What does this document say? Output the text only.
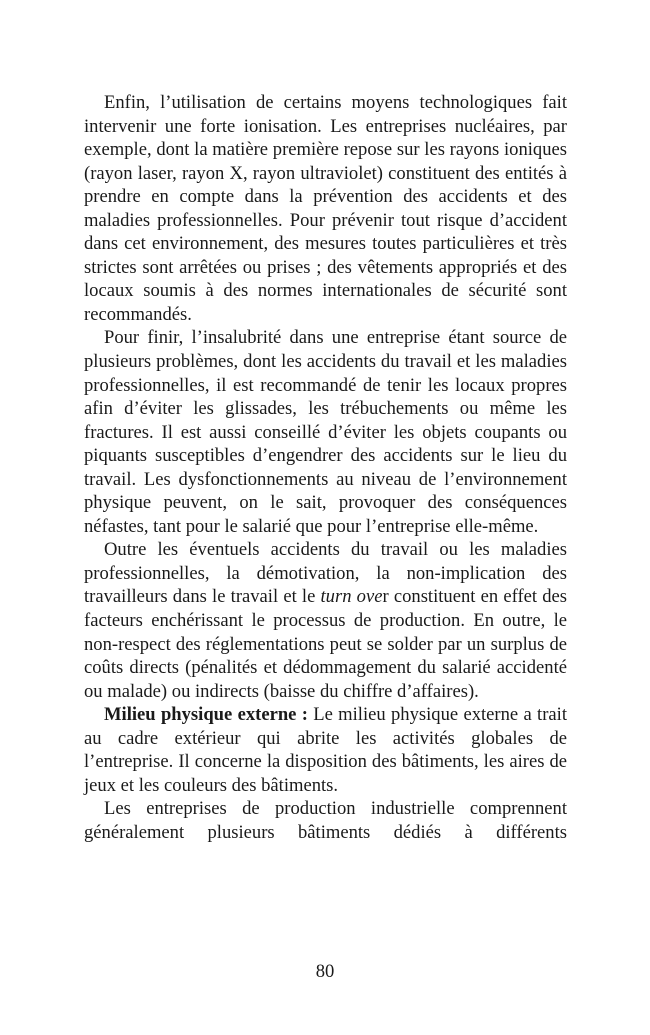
Enfin, l’utilisation de certains moyens technologiques fait intervenir une forte ionisation. Les entreprises nucléaires, par exemple, dont la matière première repose sur les rayons ioniques (rayon laser, rayon X, rayon ultraviolet) constituent des entités à prendre en compte dans la prévention des accidents et des maladies professionnelles. Pour prévenir tout risque d’accident dans cet environnement, des mesures toutes particulières et très strictes sont arrêtées ou prises ; des vêtements appropriés et des locaux soumis à des normes internationales de sécurité sont recommandés.

Pour finir, l’insalubrité dans une entreprise étant source de plusieurs problèmes, dont les accidents du travail et les maladies professionnelles, il est recommandé de tenir les locaux propres afin d’éviter les glissades, les trébuchements ou même les fractures. Il est aussi conseillé d’éviter les objets coupants ou piquants susceptibles d’engendrer des accidents sur le lieu du travail. Les dysfonctionnements au niveau de l’environnement physique peuvent, on le sait, provoquer des conséquences néfastes, tant pour le salarié que pour l’entreprise elle-même.

Outre les éventuels accidents du travail ou les maladies professionnelles, la démotivation, la non-implication des travailleurs dans le travail et le turn over constituent en effet des facteurs enchérissant le processus de production. En outre, le non-respect des réglementations peut se solder par un surplus de coûts directs (pénalités et dédommagement du salarié accidenté ou malade) ou indirects (baisse du chiffre d’affaires).

Milieu physique externe : Le milieu physique externe a trait au cadre extérieur qui abrite les activités globales de l’entreprise. Il concerne la disposition des bâtiments, les aires de jeux et les couleurs des bâtiments.

Les entreprises de production industrielle comprennent
généralement plusieurs bâtiments dédiés à différents

80
